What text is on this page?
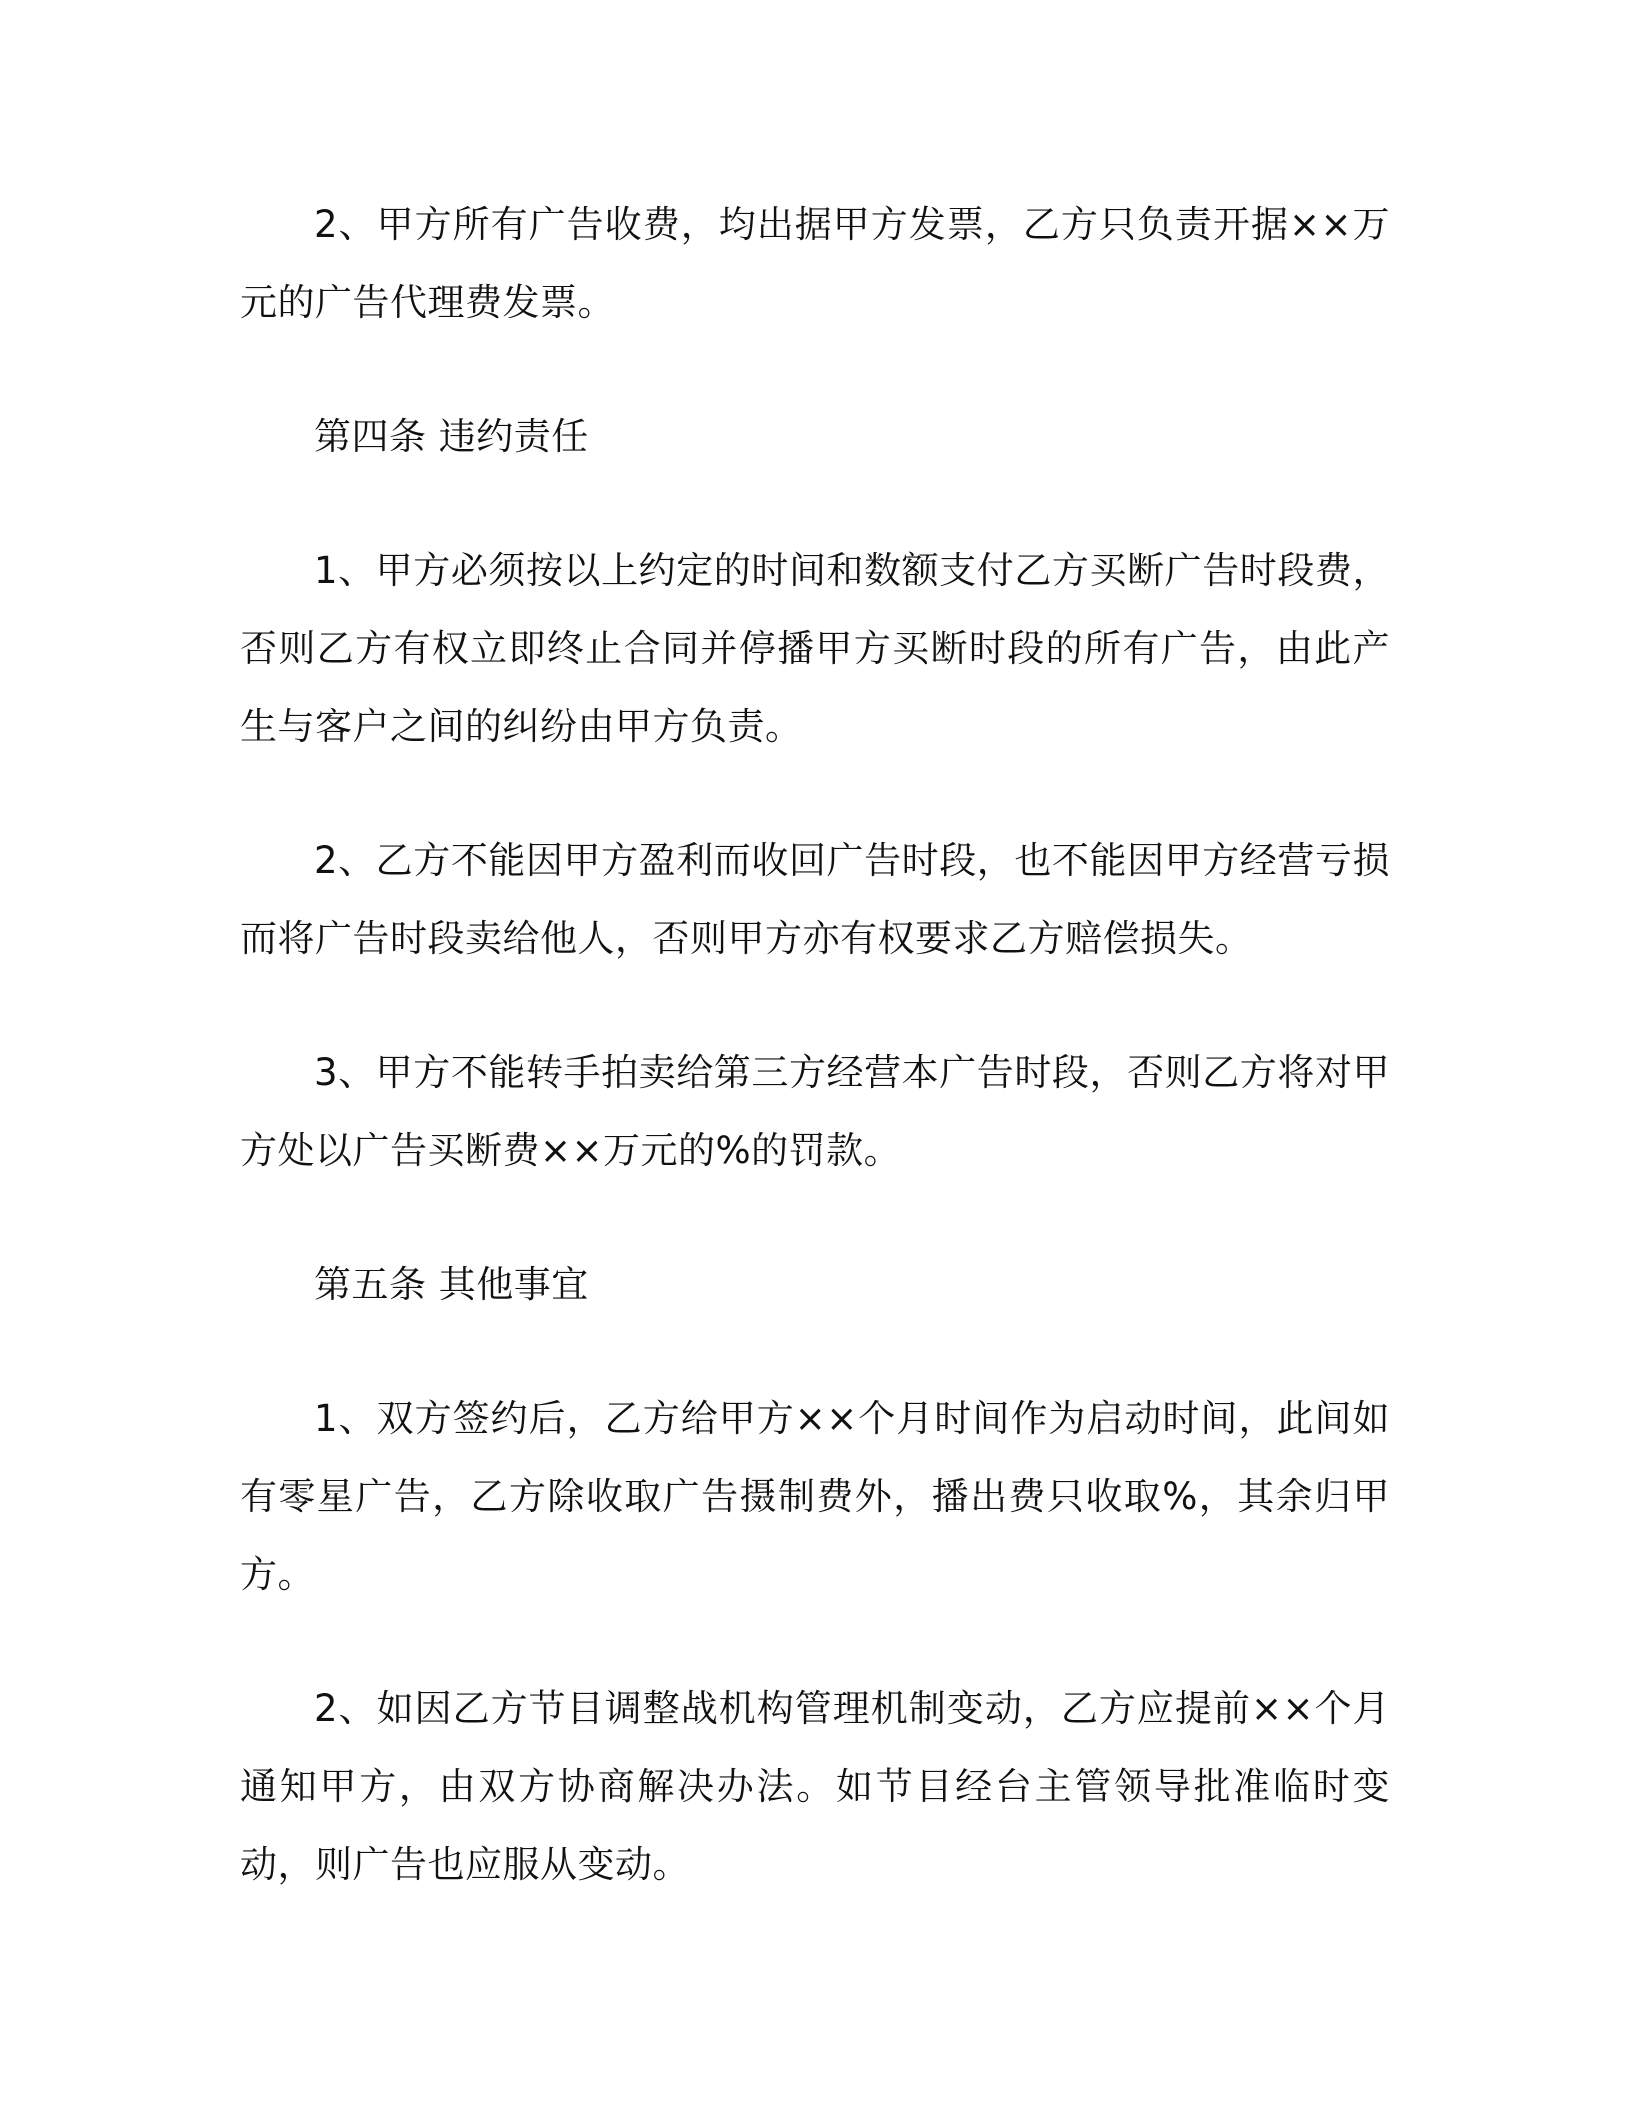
2、甲方所有广告收费，均出据甲方发票，乙方只负责开据××万元的广告代理费发票。

第四条 违约责任

1、甲方必须按以上约定的时间和数额支付乙方买断广告时段费，否则乙方有权立即终止合同并停播甲方买断时段的所有广告，由此产生与客户之间的纠纷由甲方负责。

2、乙方不能因甲方盈利而收回广告时段，也不能因甲方经营亏损而将广告时段卖给他人，否则甲方亦有权要求乙方赔偿损失。

3、甲方不能转手拍卖给第三方经营本广告时段，否则乙方将对甲方处以广告买断费××万元的%的罚款。

第五条 其他事宜

1、双方签约后，乙方给甲方××个月时间作为启动时间，此间如有零星广告，乙方除收取广告摄制费外，播出费只收取%，其余归甲方。

2、如因乙方节目调整战机构管理机制变动，乙方应提前××个月通知甲方，由双方协商解决办法。如节目经台主管领导批准临时变动，则广告也应服从变动。
